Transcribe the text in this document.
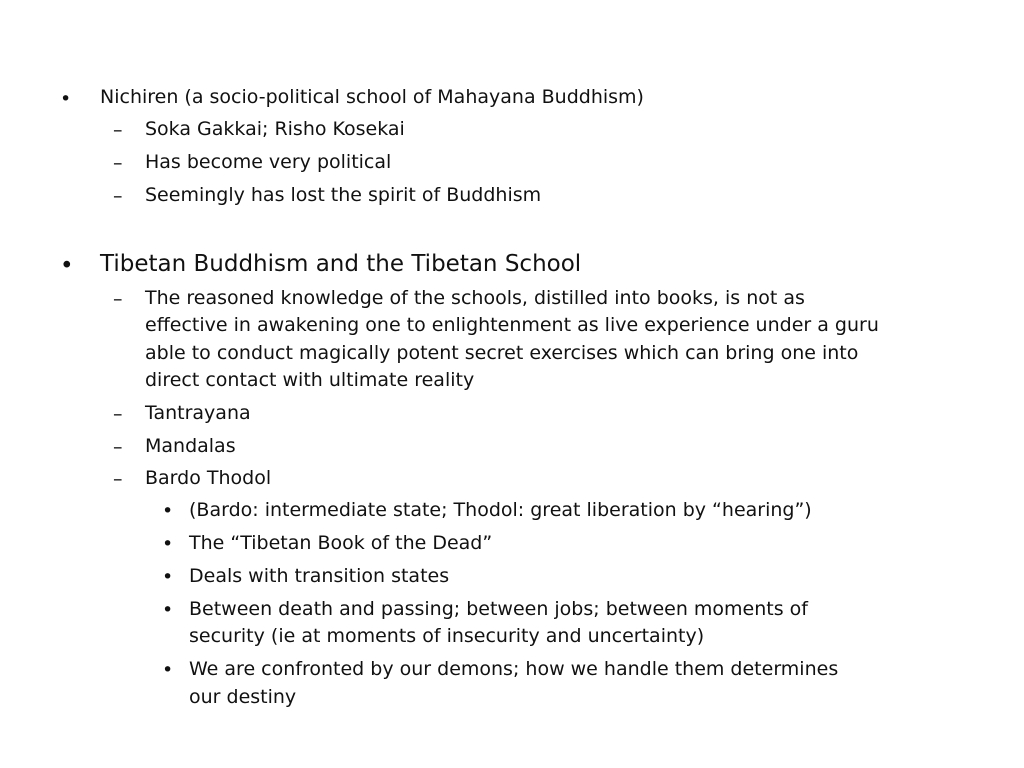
• Nichiren (a socio-political school of Mahayana Buddhism)
– Soka Gakkai; Risho Kosekai
– Has become very political
– Seemingly has lost the spirit of Buddhism
• Tibetan Buddhism and the Tibetan School
– The reasoned knowledge of the schools, distilled into books, is not as
effective in awakening one to enlightenment as live experience under a guru
able to conduct magically potent secret exercises which can bring one into
direct contact with ultimate reality
– Tantrayana
– Mandalas
– Bardo Thodol
• (Bardo: intermediate state; Thodol: great liberation by “hearing”)
• The “Tibetan Book of the Dead”
• Deals with transition states
• Between death and passing; between jobs; between moments of
security (ie at moments of insecurity and uncertainty)
• We are confronted by our demons; how we handle them determines
our destiny
